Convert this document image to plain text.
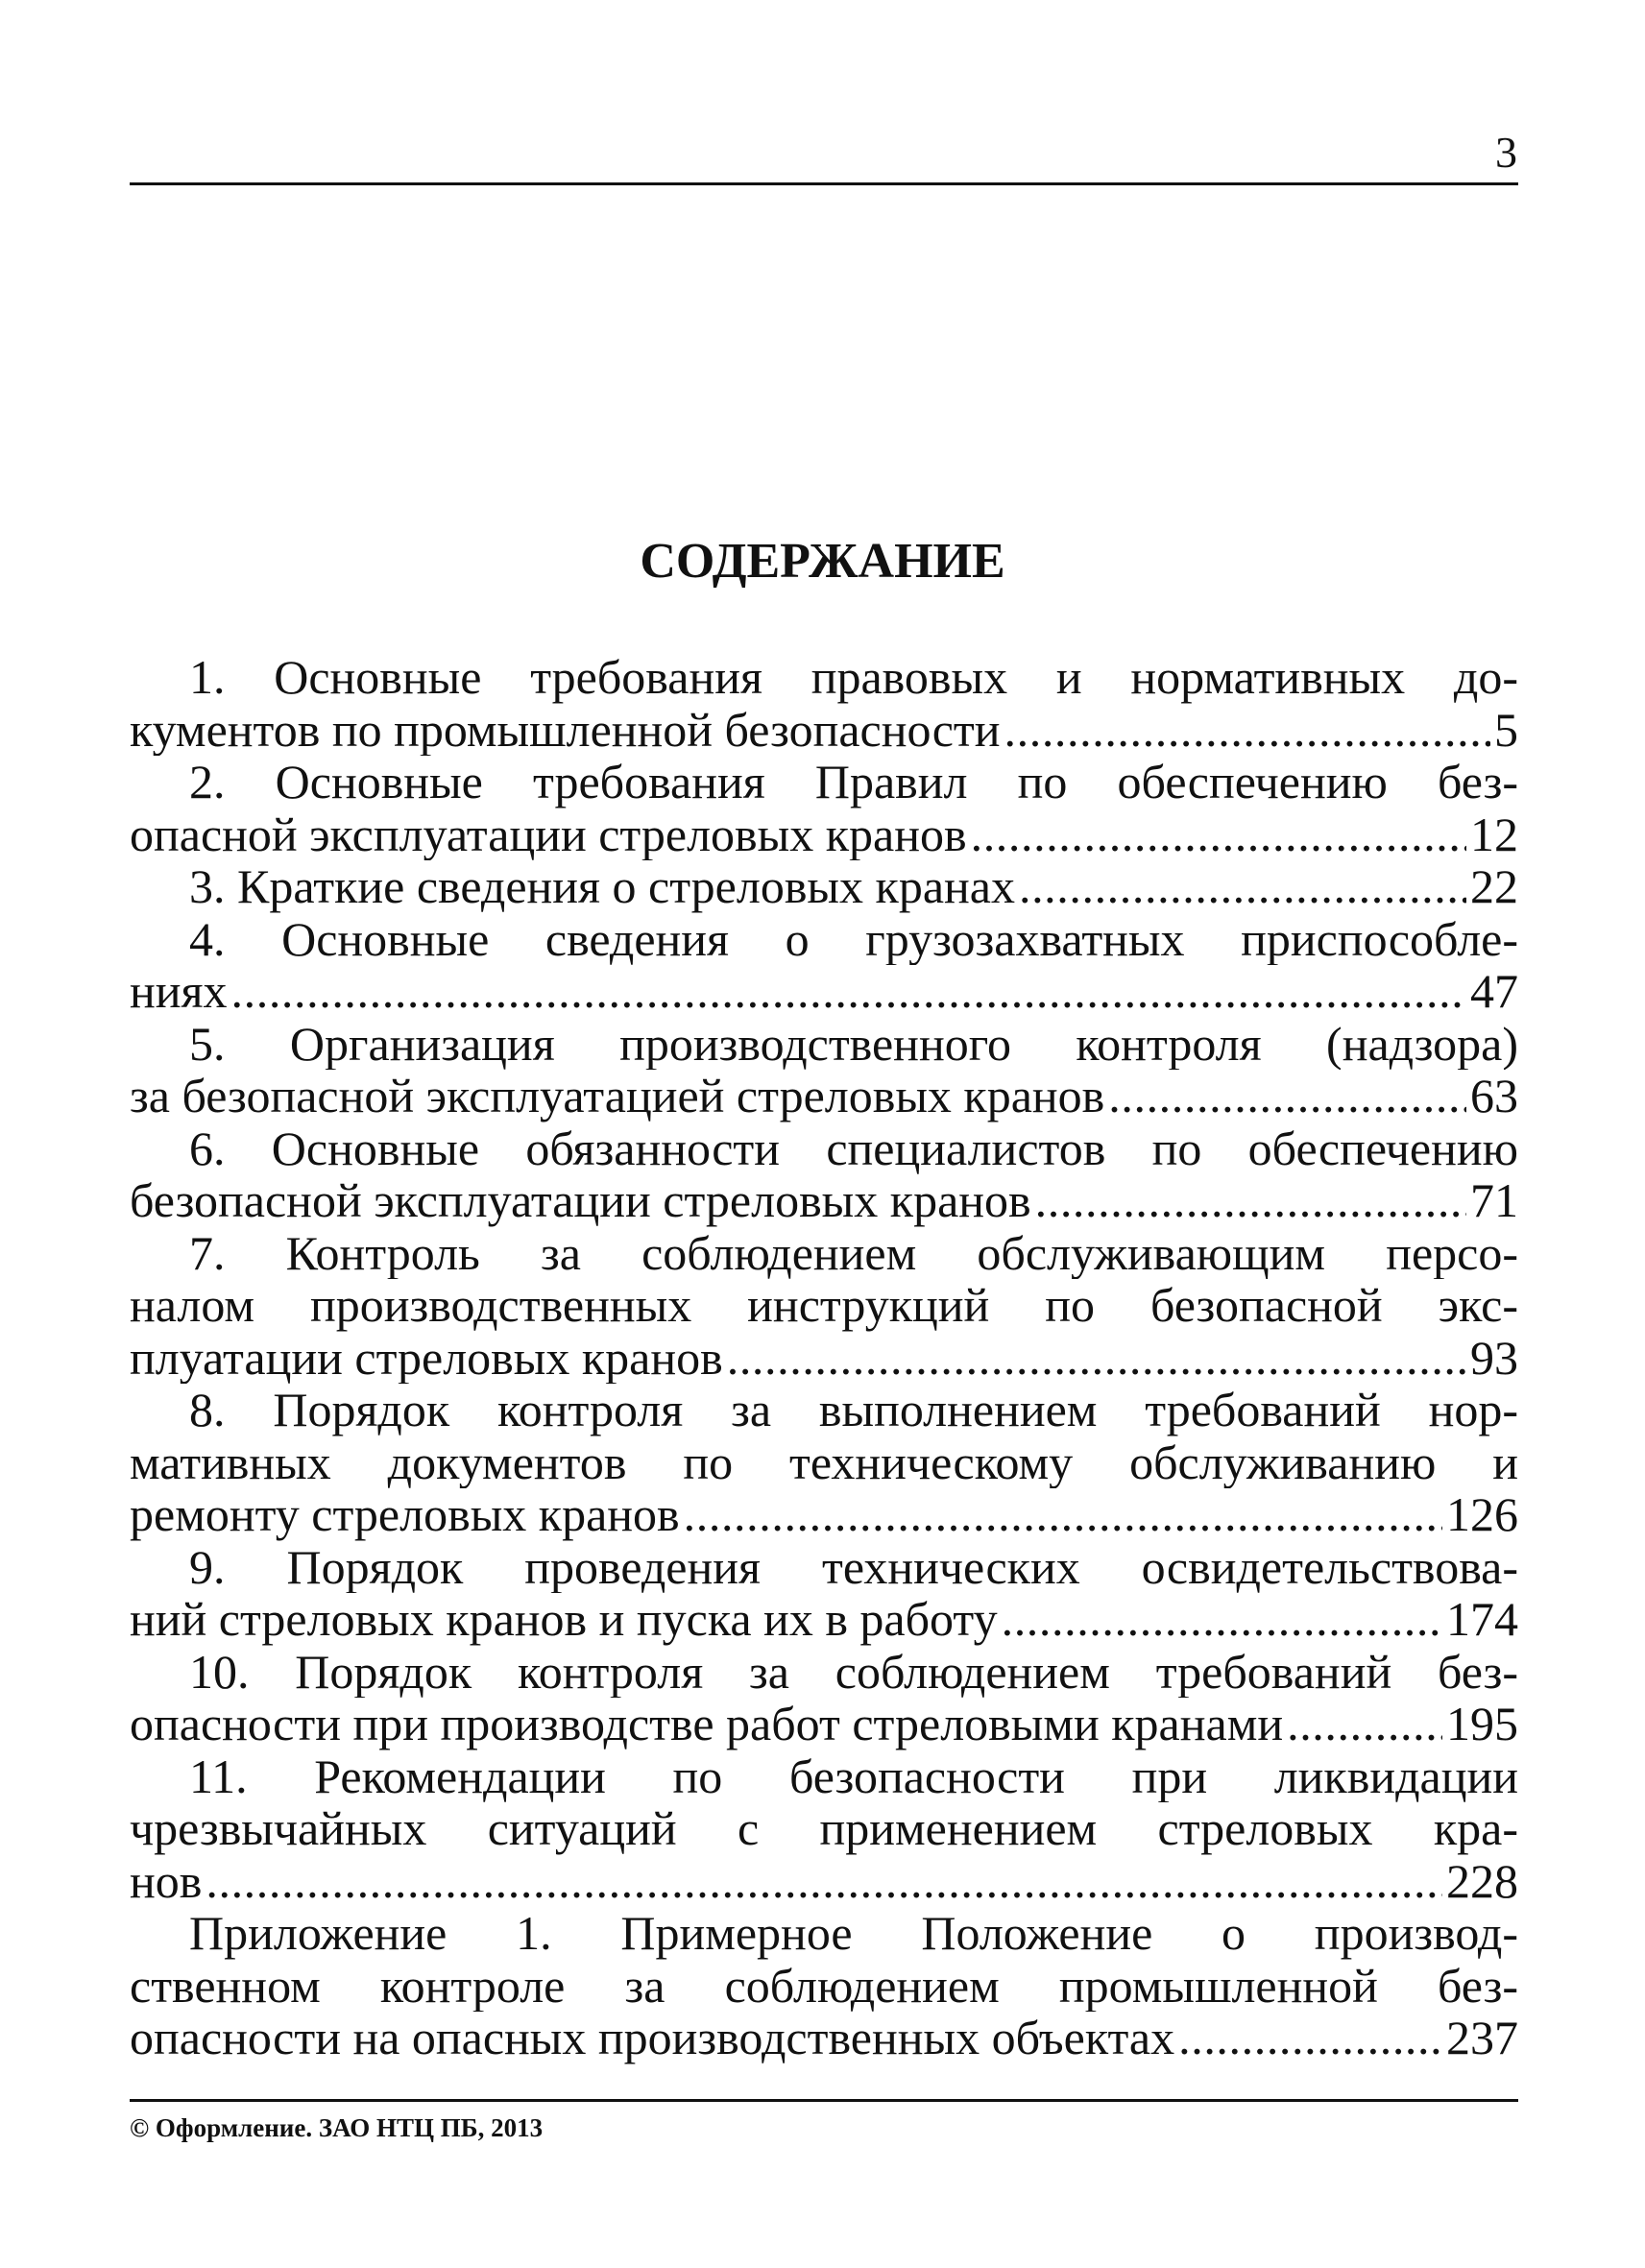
3
СОДЕРЖАНИЕ
1. Основные требования правовых и нормативных до-
кументов по промышленной безопасности .....	5
2. Основные требования Правил по обеспечению без-
опасной эксплуатации стреловых кранов .....	12
3. Краткие сведения о стреловых кранах .....	22
4. Основные сведения о грузозахватных приспособле-
ниях .....	47
5. Организация производственного контроля (надзора)
за безопасной эксплуатацией стреловых кранов .....	63
6. Основные обязанности специалистов по обеспечению
безопасной эксплуатации стреловых кранов .....	71
7. Контроль за соблюдением обслуживающим персо-
налом производственных инструкций по безопасной экс-
плуатации стреловых кранов .....	93
8. Порядок контроля за выполнением требований нор-
мативных документов по техническому обслуживанию и
ремонту стреловых кранов .....	126
9. Порядок проведения технических освидетельствова-
ний стреловых кранов и пуска их в работу .....	174
10. Порядок контроля за соблюдением требований без-
опасности при производстве работ стреловыми кранами .....	195
11. Рекомендации по безопасности при ликвидации
чрезвычайных ситуаций с применением стреловых кра-
нов .....	228
Приложение 1. Примерное Положение о производ-
ственном контроле за соблюдением промышленной без-
опасности на опасных производственных объектах .....	237
© Оформление. ЗАО НТЦ ПБ, 2013
